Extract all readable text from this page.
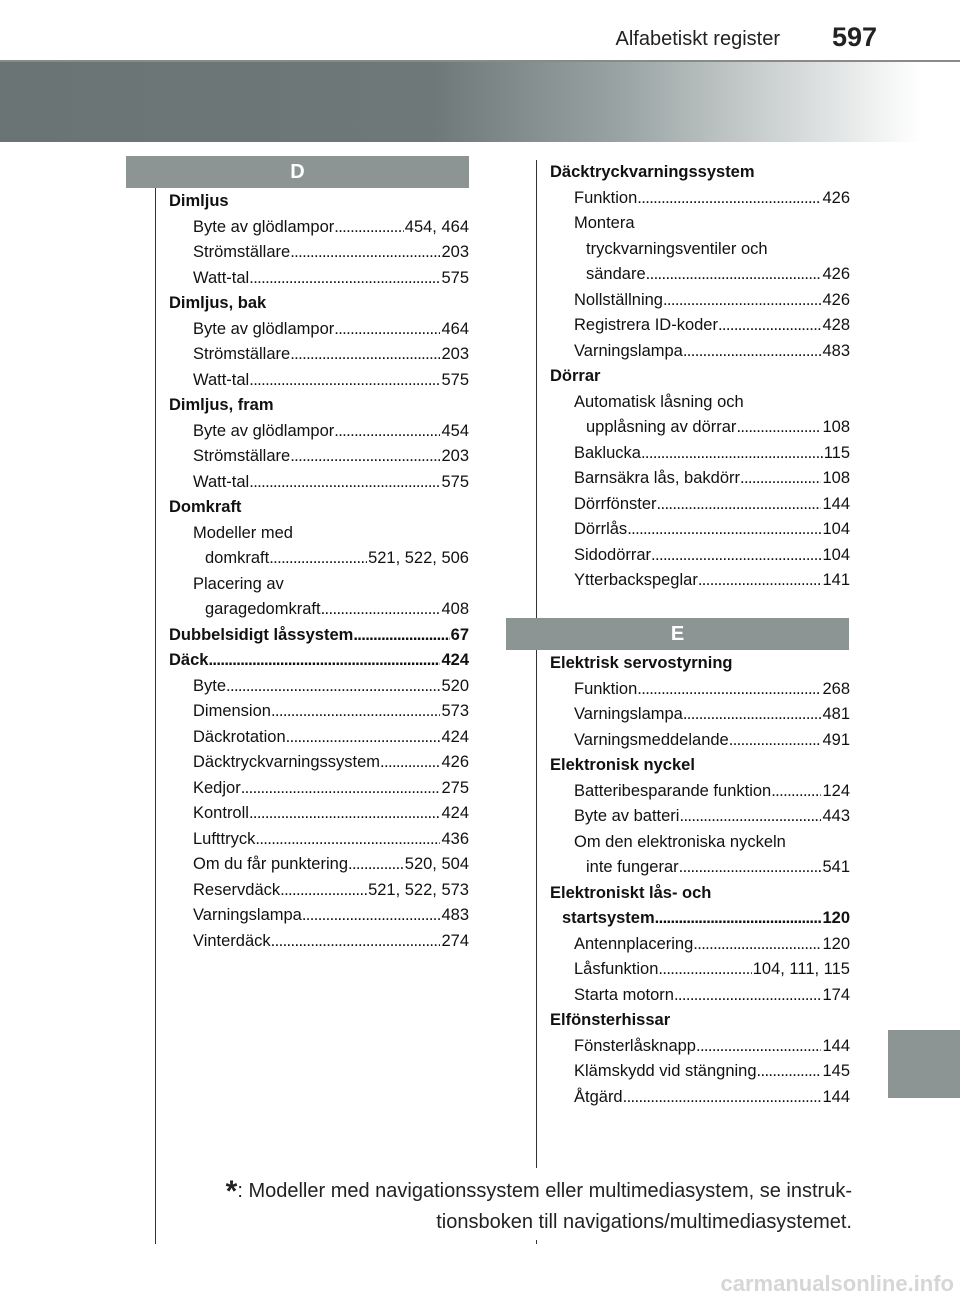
Alfabetiskt register 597
D
E
Dimljus
Byte av glödlampor . . .	454, 464
Strömställare . . .	203
Watt-tal . . .	575
Dimljus, bak
Byte av glödlampor . . .	464
Strömställare . . .	203
Watt-tal . . .	575
Dimljus, fram
Byte av glödlampor . . .	454
Strömställare . . .	203
Watt-tal . . .	575
Domkraft
Modeller med
domkraft . . .	521, 522, 506
Placering av
garagedomkraft . . .	408
Dubbelsidigt låssystem . . .	67
Däck . . .	424
Byte . . .	520
Dimension . . .	573
Däckrotation . . .	424
Däcktryckvarningssystem . . .	426
Kedjor . . .	275
Kontroll . . .	424
Lufttryck . . .	436
Om du får punktering . . .	520, 504
Reservdäck . . .	521, 522, 573
Varningslampa . . .	483
Vinterdäck . . .	274
Däcktryckvarningssystem
Funktion . . .	426
Montera
tryckvarningsventiler och
sändare . . .	426
Nollställning . . .	426
Registrera ID-koder . . .	428
Varningslampa . . .	483
Dörrar
Automatisk låsning och
upplåsning av dörrar . . .	108
Baklucka . . .	115
Barnsäkra lås, bakdörr . . .	108
Dörrfönster . . .	144
Dörrlås . . .	104
Sidodörrar . . .	104
Ytterbackspeglar . . .	141
Elektrisk servostyrning
Funktion . . .	268
Varningslampa . . .	481
Varningsmeddelande . . .	491
Elektronisk nyckel
Batteribesparande funktion . . .	124
Byte av batteri . . .	443
Om den elektroniska nyckeln
inte fungerar . . .	541
Elektroniskt lås- och
startsystem . . .	120
Antennplacering . . .	120
Låsfunktion . . .	104, 111, 115
Starta motorn . . .	174
Elfönsterhissar
Fönsterlåsknapp . . .	144
Klämskydd vid stängning . . .	145
Åtgärd . . .	144
*: Modeller med navigationssystem eller multimediasystem, se instruk-tionsboken till navigations/multimediasystemet.
carmanualsonline.info
